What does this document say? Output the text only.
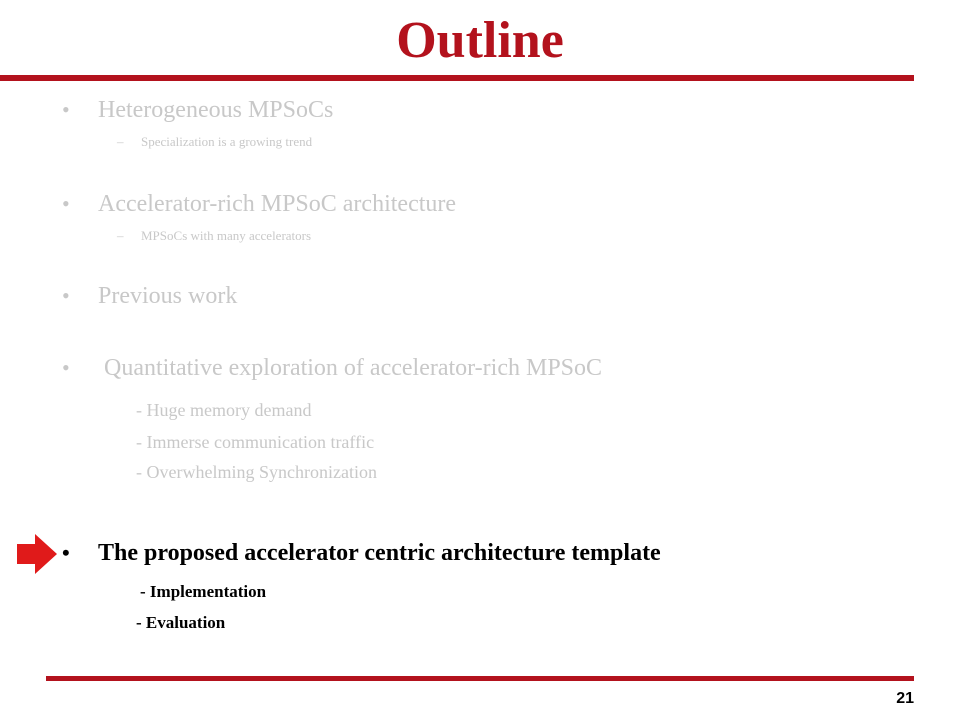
Outline
• Heterogeneous MPSoCs
– Specialization is a growing trend
• Accelerator-rich MPSoC architecture
– MPSoCs with many accelerators
• Previous work
• Quantitative exploration of accelerator-rich MPSoC
- Huge memory demand
- Immerse communication traffic
- Overwhelming Synchronization
• The proposed accelerator centric architecture template
- Implementation
- Evaluation
21
